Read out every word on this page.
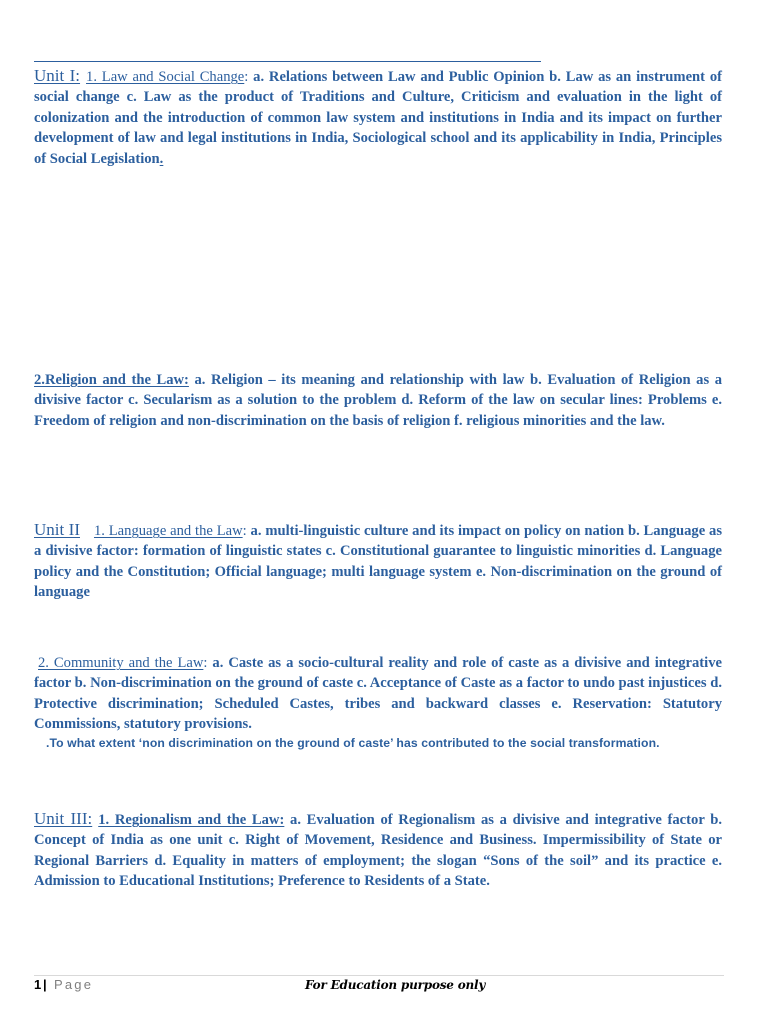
Unit I: 1. Law and Social Change: a. Relations between Law and Public Opinion b. Law as an instrument of social change c. Law as the product of Traditions and Culture, Criticism and evaluation in the light of colonization and the introduction of common law system and institutions in India and its impact on further development of law and legal institutions in India, Sociological school and its applicability in India, Principles of Social Legislation.
2.Religion and the Law: a. Religion – its meaning and relationship with law b. Evaluation of Religion as a divisive factor c. Secularism as a solution to the problem d. Reform of the law on secular lines: Problems e. Freedom of religion and non-discrimination on the basis of religion f. religious minorities and the law.
Unit II 1. Language and the Law: a. multi-linguistic culture and its impact on policy on nation b. Language as a divisive factor: formation of linguistic states c. Constitutional guarantee to linguistic minorities d. Language policy and the Constitution; Official language; multi language system e. Non-discrimination on the ground of language
2. Community and the Law: a. Caste as a socio-cultural reality and role of caste as a divisive and integrative factor b. Non-discrimination on the ground of caste c. Acceptance of Caste as a factor to undo past injustices d. Protective discrimination; Scheduled Castes, tribes and backward classes e. Reservation: Statutory Commissions, statutory provisions.
.To what extent ‘non discrimination on the ground of caste’ has contributed to the social transformation.
Unit III: 1. Regionalism and the Law: a. Evaluation of Regionalism as a divisive and integrative factor b. Concept of India as one unit c. Right of Movement, Residence and Business. Impermissibility of State or Regional Barriers d. Equality in matters of employment; the slogan “Sons of the soil” and its practice e. Admission to Educational Institutions; Preference to Residents of a State.
1 | Page	For Education purpose only
